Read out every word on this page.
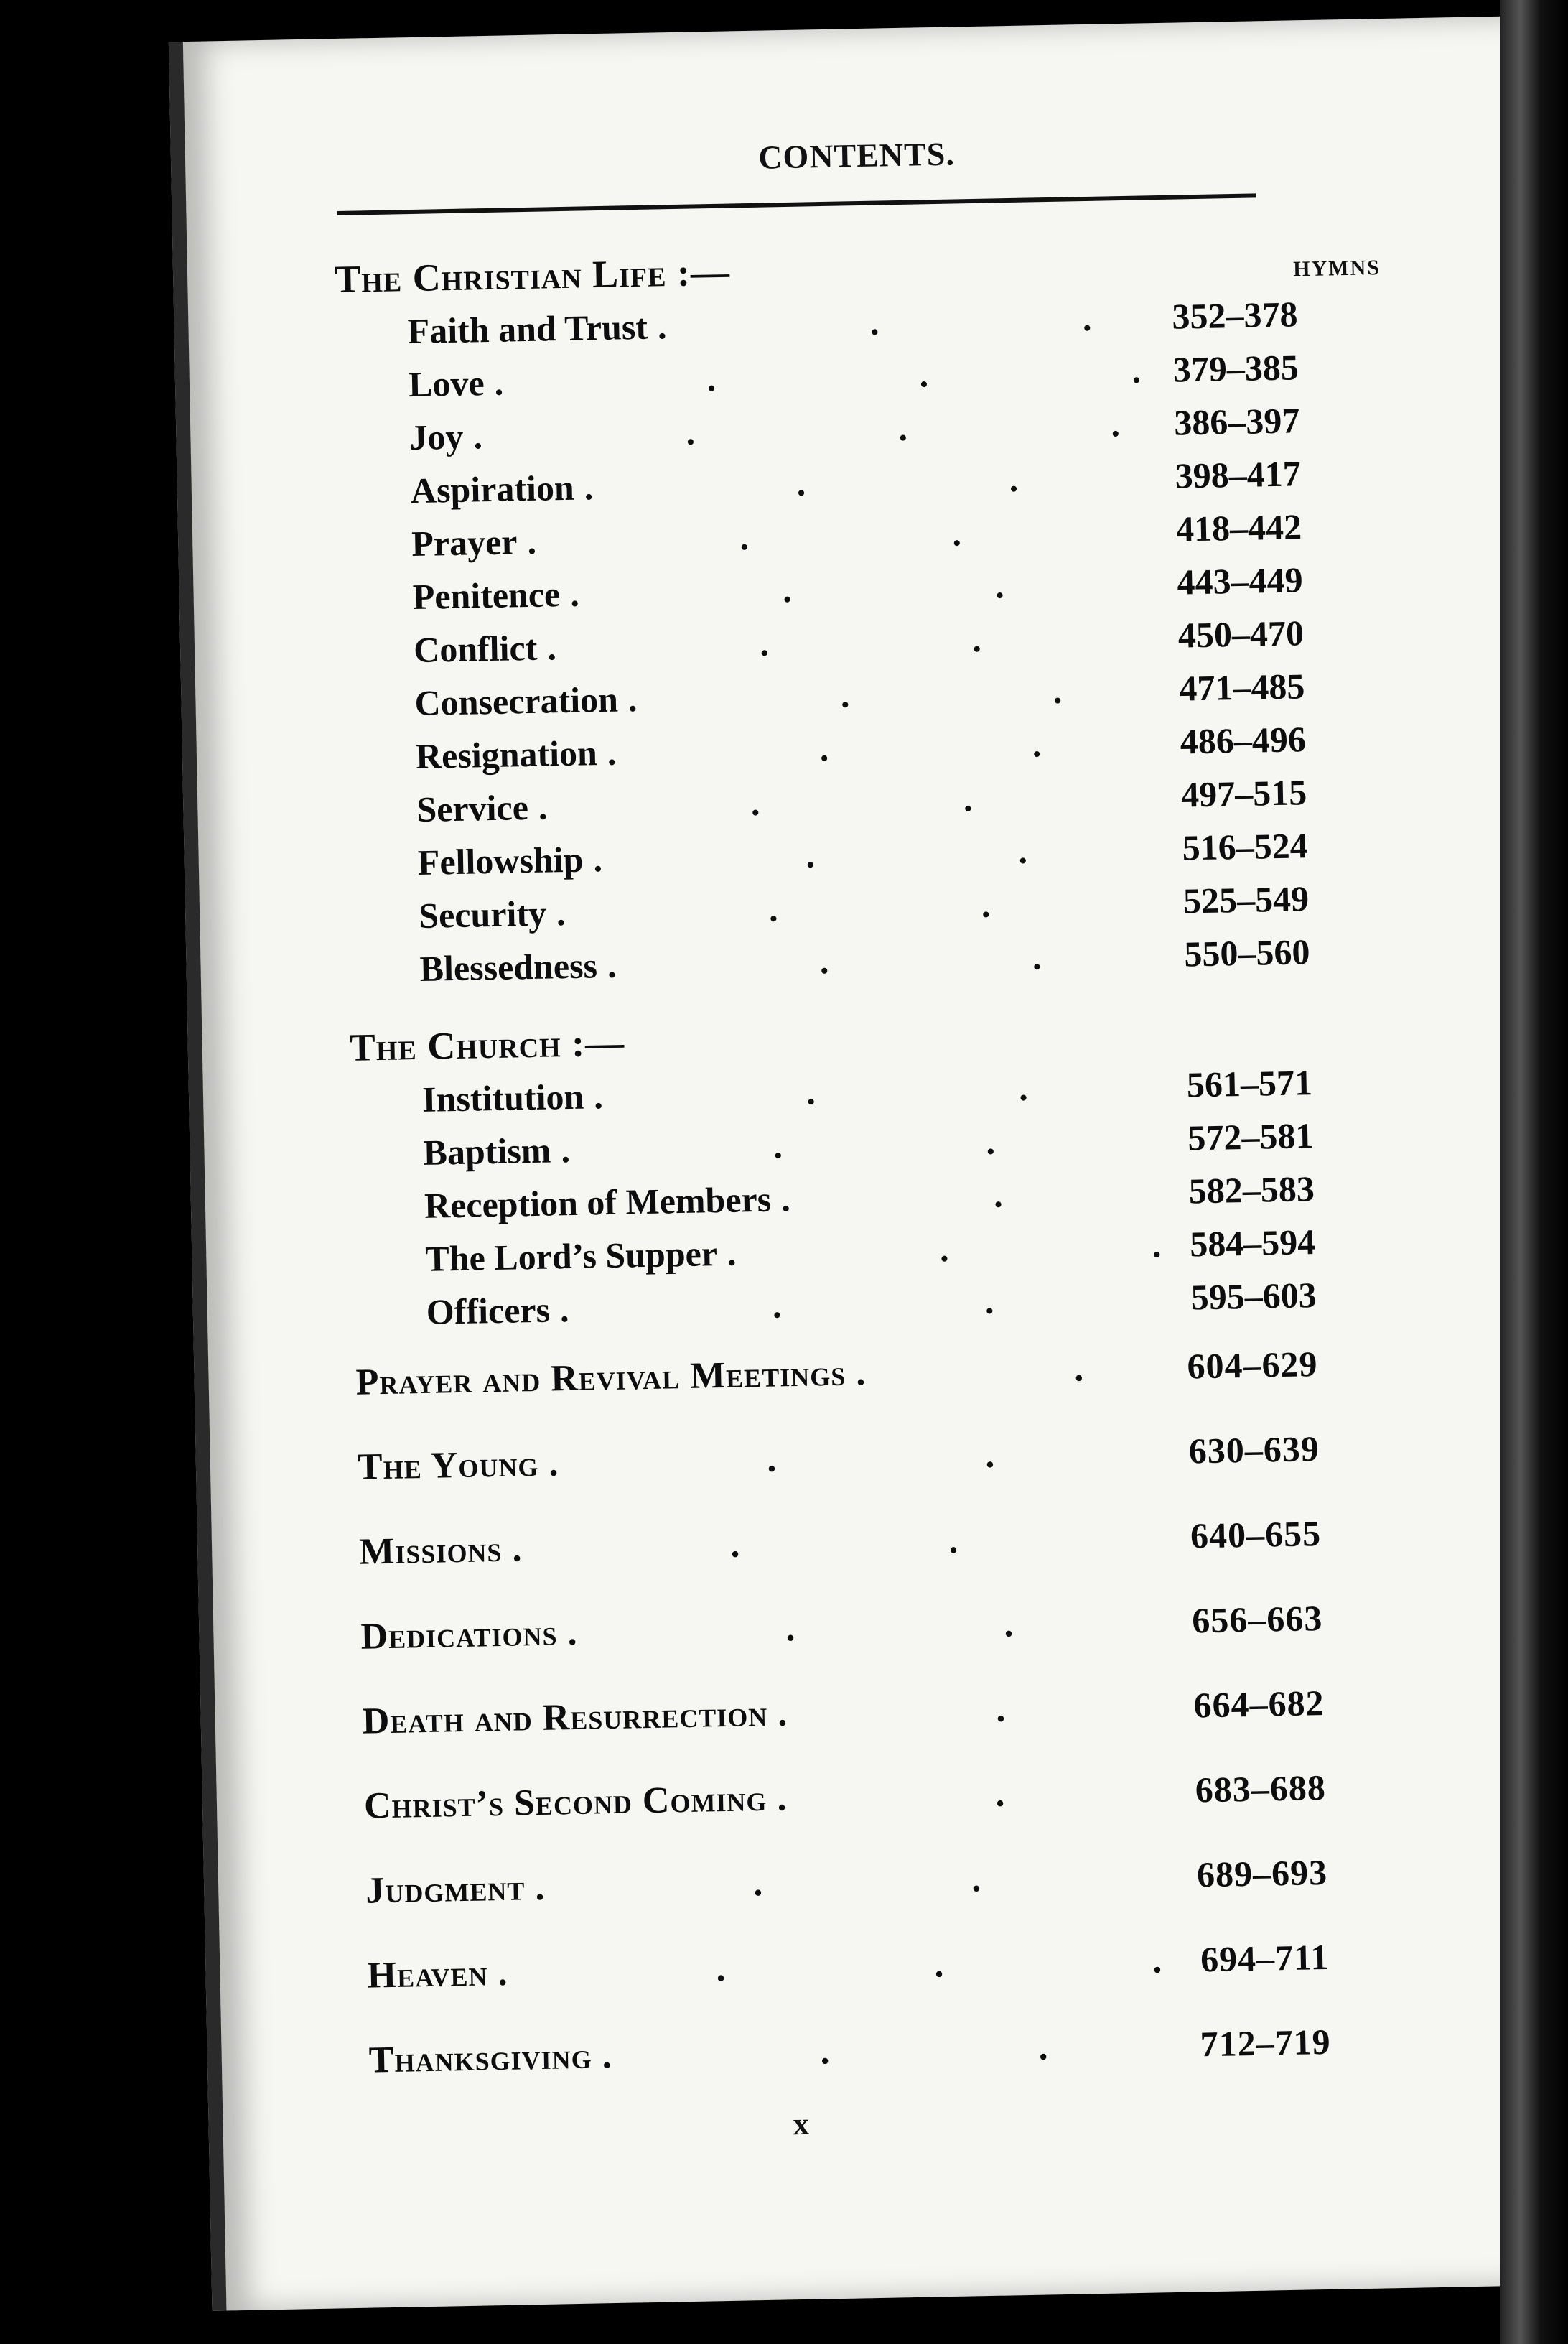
CONTENTS.
HYMNS
The Christian Life :—
Faith and Trust .	352–378
Love .	379–385
Joy .	386–397
Aspiration .	398–417
Prayer .	418–442
Penitence .	443–449
Conflict .	450–470
Consecration .	471–485
Resignation .	486–496
Service .	497–515
Fellowship .	516–524
Security .	525–549
Blessedness .	550–560
The Church :—
Institution .	561–571
Baptism .	572–581
Reception of Members .	582–583
The Lord’s Supper .	584–594
Officers .	595–603
Prayer and Revival Meetings .	604–629
The Young .	630–639
Missions .	640–655
Dedications .	656–663
Death and Resurrection .	664–682
Christ’s Second Coming .	683–688
Judgment .	689–693
Heaven .	694–711
Thanksgiving .	712–719
x
